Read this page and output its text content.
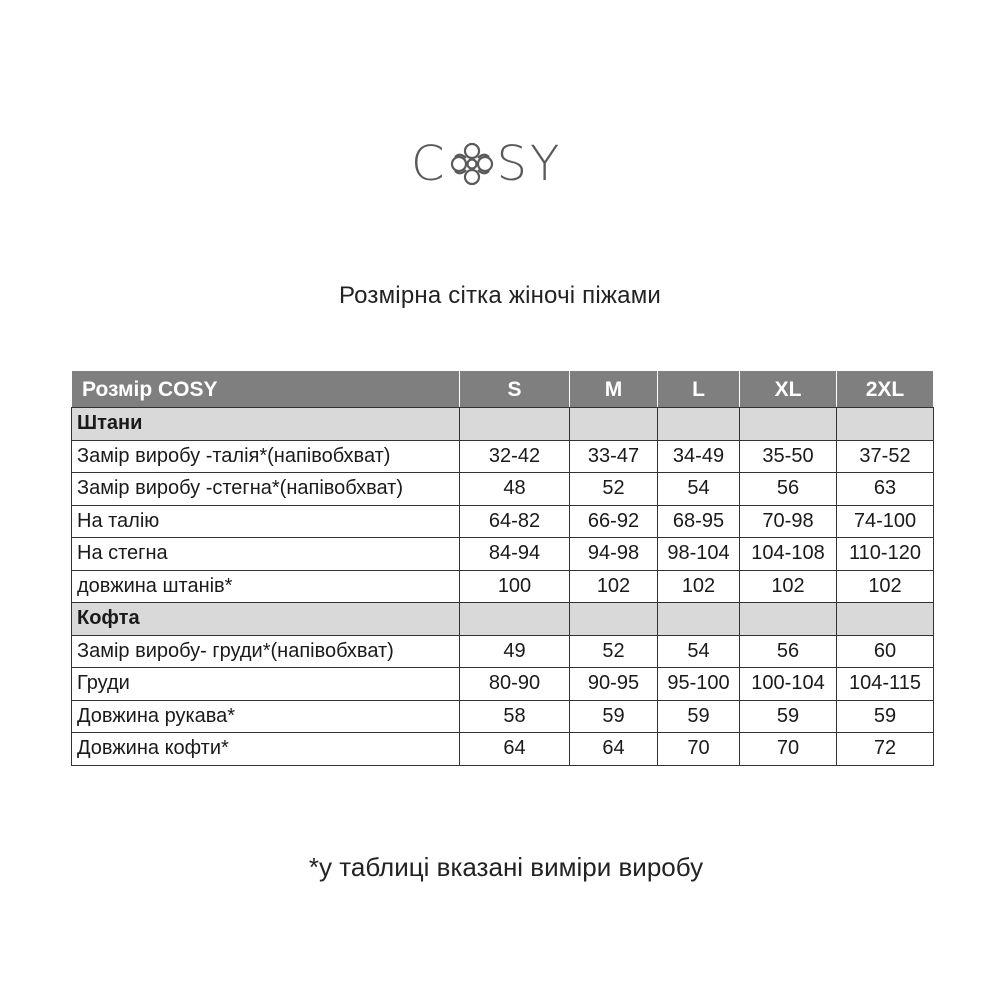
C SY
Розмірна сітка жіночі піжами
Розмір COSY	S	M	L	XL	2XL
Штани					
Замір виробу -талія*(напівобхват)	32-42	33-47	34-49	35-50	37-52
Замір виробу -стегна*(напівобхват)	48	52	54	56	63
На талію	64-82	66-92	68-95	70-98	74-100
На стегна	84-94	94-98	98-104	104-108	110-120
довжина штанів*	100	102	102	102	102
Кофта					
Замір виробу- груди*(напівобхват)	49	52	54	56	60
Груди	80-90	90-95	95-100	100-104	104-115
Довжина рукава*	58	59	59	59	59
Довжина кофти*	64	64	70	70	72
*у таблиці вказані виміри виробу
